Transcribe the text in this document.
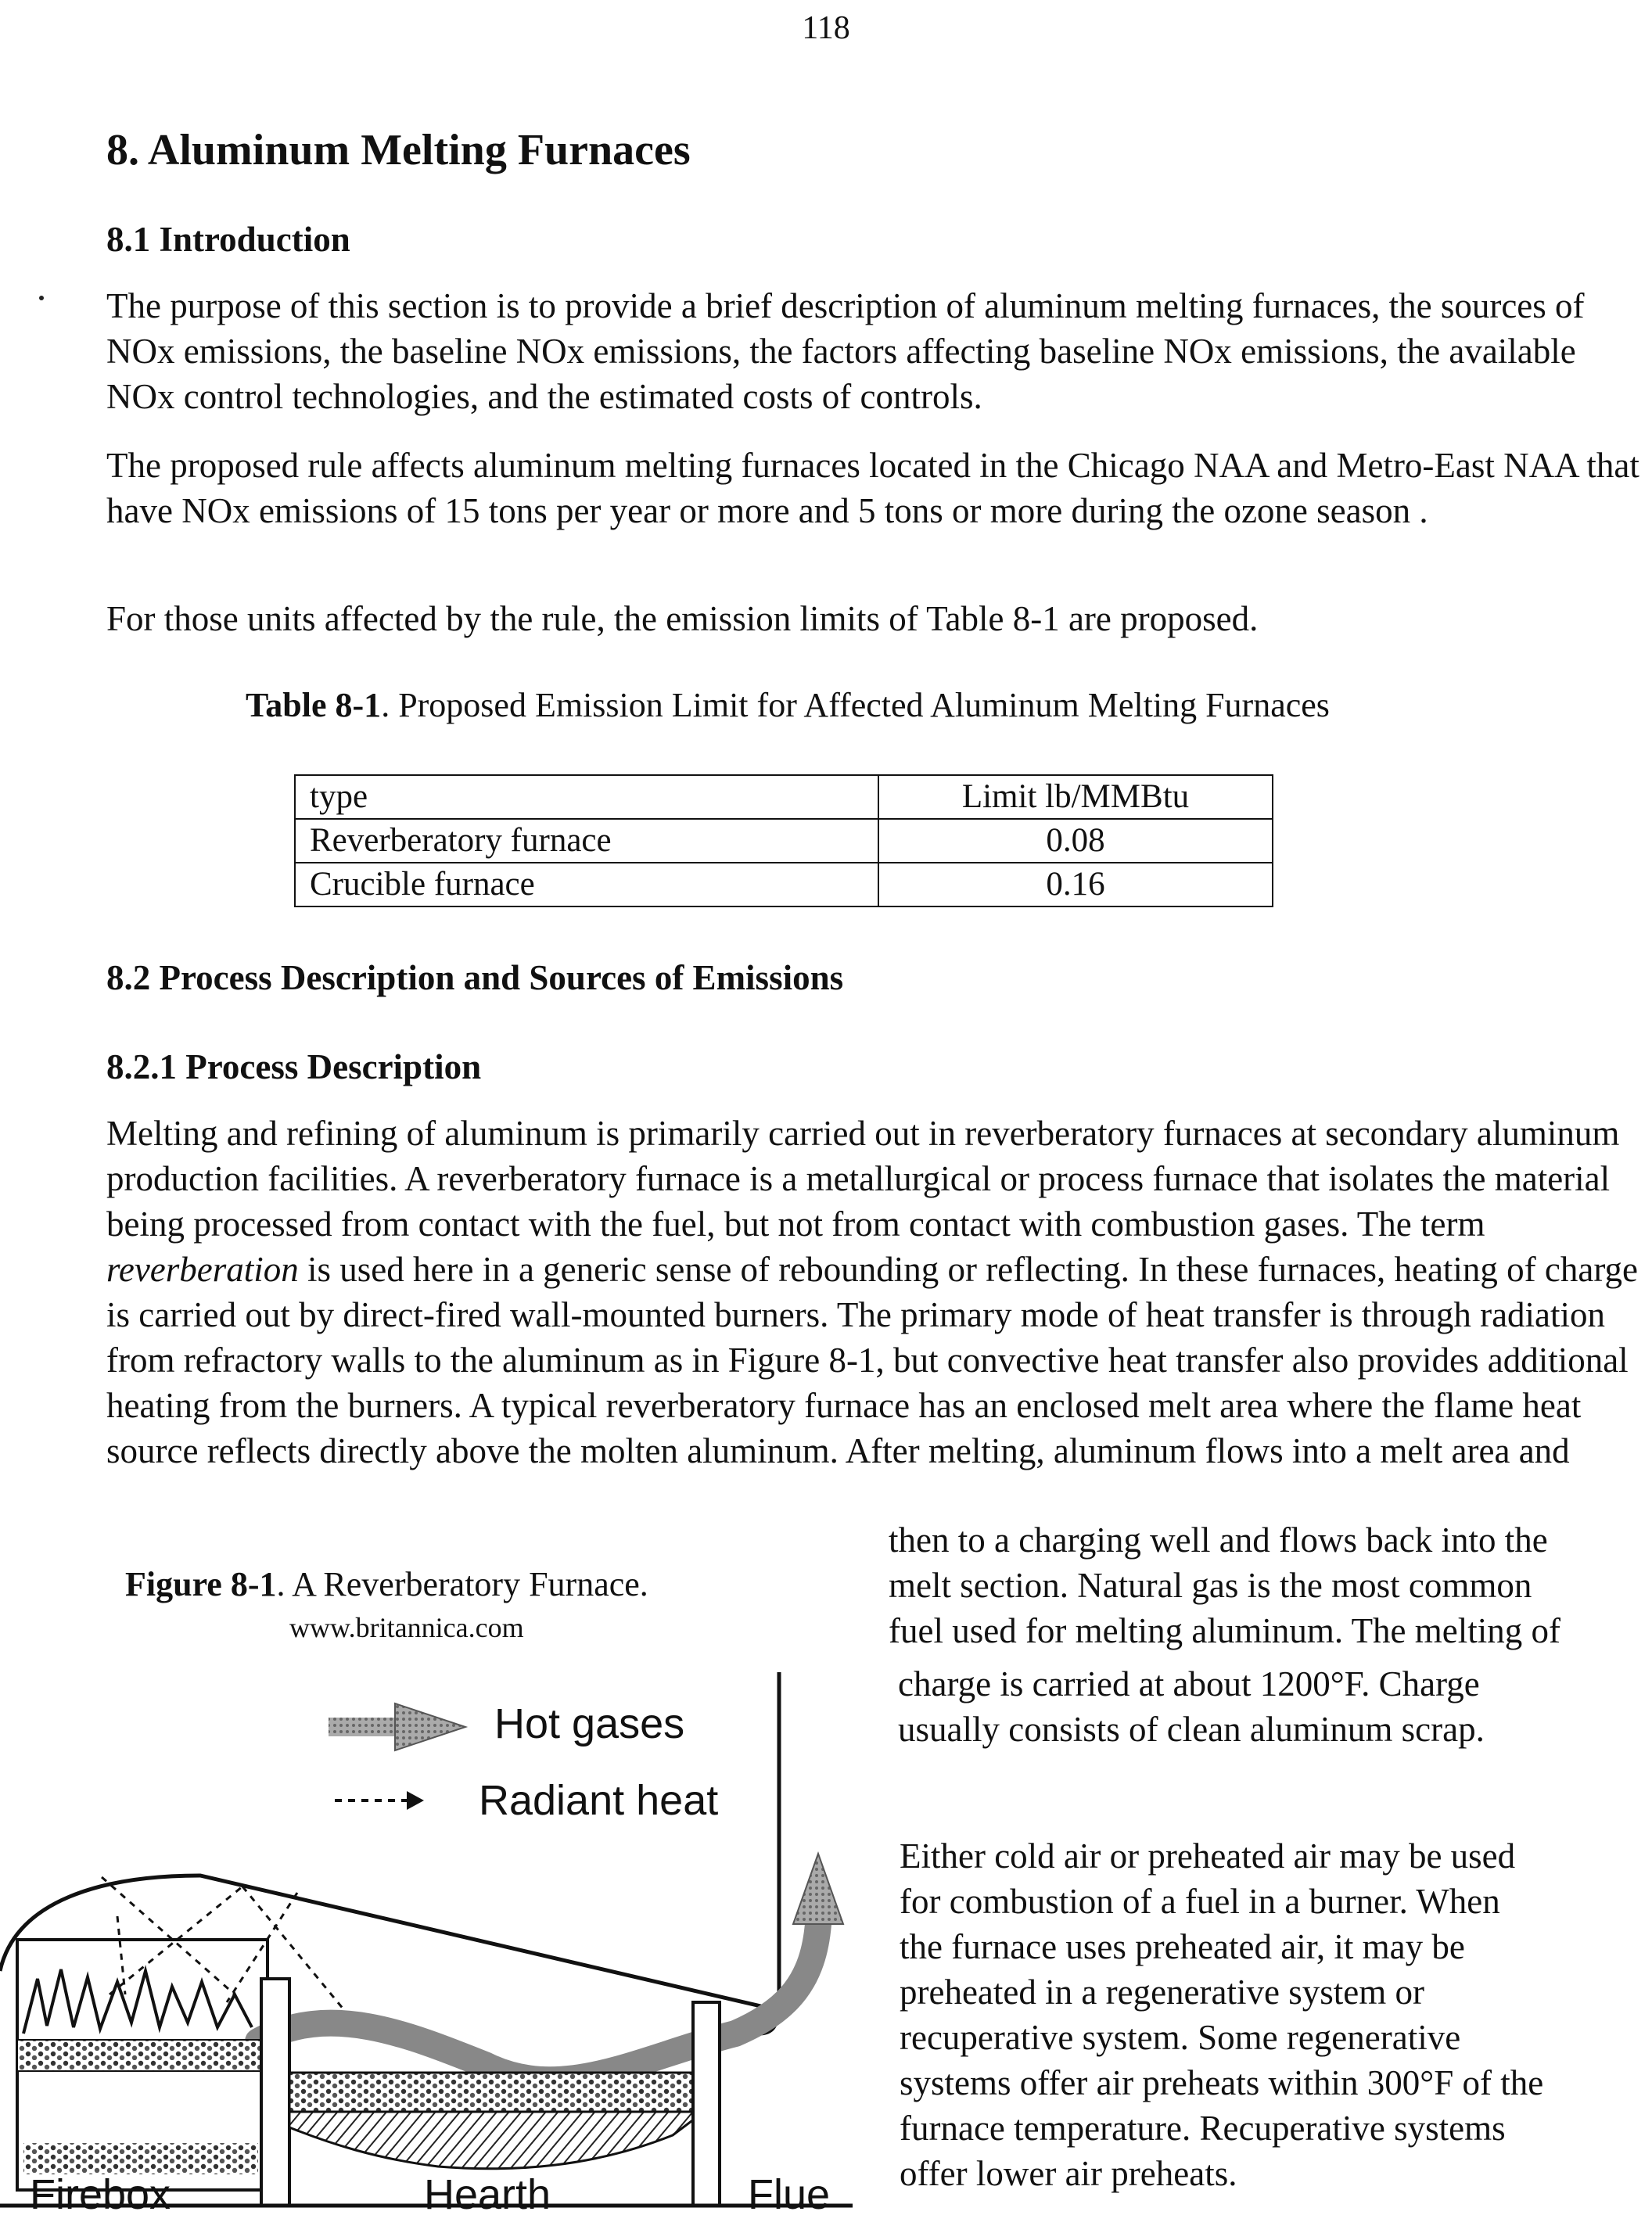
118
8. Aluminum Melting Furnaces
8.1 Introduction
The purpose of this section is to provide a brief description of aluminum melting furnaces, the sources of NOx emissions, the baseline NOx emissions, the factors affecting baseline NOx emissions, the available NOx control technologies, and the estimated costs of controls.
The proposed rule affects aluminum melting furnaces located in the Chicago NAA and Metro-East NAA that have NOx emissions of 15 tons per year or more and 5 tons or more during the ozone season .
For those units affected by the rule, the emission limits of Table 8-1 are proposed.
Table 8-1. Proposed Emission Limit for Affected Aluminum Melting Furnaces
type	Limit lb/MMBtu
Reverberatory furnace	0.08
Crucible furnace	0.16
8.2 Process Description and Sources of Emissions
8.2.1 Process Description
Melting and refining of aluminum is primarily carried out in reverberatory furnaces at secondary aluminum production facilities. A reverberatory furnace is a metallurgical or process furnace that isolates the material being processed from contact with the fuel, but not from contact with combustion gases. The term reverberation is used here in a generic sense of rebounding or reflecting. In these furnaces, heating of charge is carried out by direct-fired wall-mounted burners. The primary mode of heat transfer is through radiation from refractory walls to the aluminum as in Figure 8-1, but convective heat transfer also provides additional heating from the burners. A typical reverberatory furnace has an enclosed melt area where the flame heat source reflects directly above the molten aluminum. After melting, aluminum flows into a melt area and
then to a charging well and flows back into the
melt section. Natural gas is the most common
fuel used for melting aluminum. The melting of
charge is carried at about 1200°F. Charge
usually consists of clean aluminum scrap.
Either cold air or preheated air may be used
for combustion of a fuel in a burner. When
the furnace uses preheated air, it may be
preheated in a regenerative system or
recuperative system. Some regenerative
systems offer air preheats within 300°F of the
furnace temperature. Recuperative systems
offer lower air preheats.
Figure 8-1. A Reverberatory Furnace.
www.britannica.com
Hot gases
Radiant heat
Firebox	Hearth	Flue
